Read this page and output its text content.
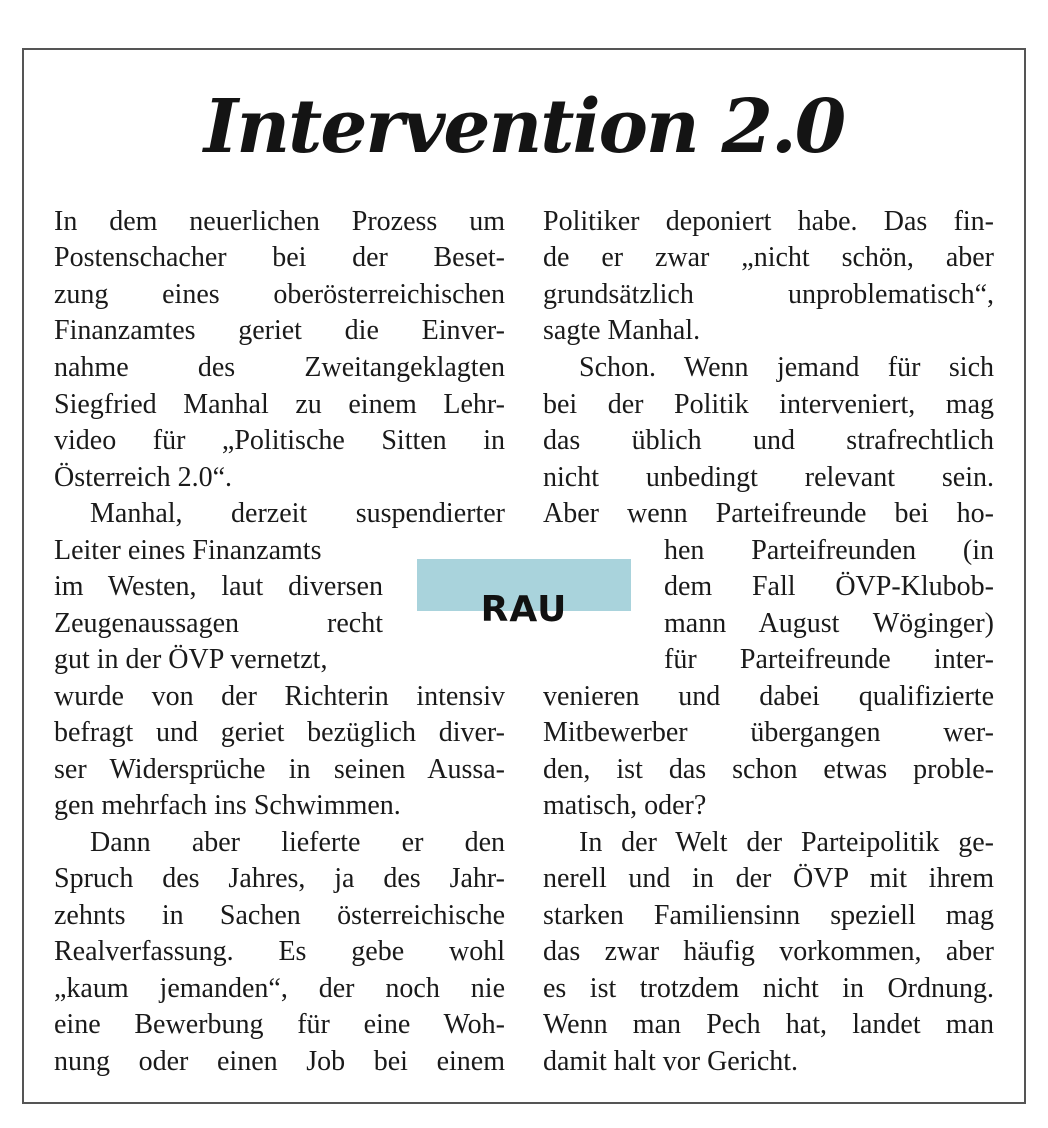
Intervention 2.0
In dem neuerlichen Prozess um
Postenschacher bei der Beset-
zung eines oberösterreichischen
Finanzamtes geriet die Einver-
nahme des Zweitangeklagten
Siegfried Manhal zu einem Lehr-
video für „Politische Sitten in
Österreich 2.0“.
Manhal, derzeit suspendierter
Leiter eines Finanzamts
im Westen, laut diversen
Zeugenaussagen recht
gut in der ÖVP vernetzt,
wurde von der Richterin intensiv
befragt und geriet bezüglich diver-
ser Widersprüche in seinen Aussa-
gen mehrfach ins Schwimmen.
Dann aber lieferte er den
Spruch des Jahres, ja des Jahr-
zehnts in Sachen österreichische
Realverfassung. Es gebe wohl
„kaum jemanden“, der noch nie
eine Bewerbung für eine Woh-
nung oder einen Job bei einem
RAU
Politiker deponiert habe. Das fin-
de er zwar „nicht schön, aber
grundsätzlich unproblematisch“,
sagte Manhal.
Schon. Wenn jemand für sich
bei der Politik interveniert, mag
das üblich und strafrechtlich
nicht unbedingt relevant sein.
Aber wenn Parteifreunde bei ho-
hen Parteifreunden (in
dem Fall ÖVP-Klubob-
mann August Wöginger)
für Parteifreunde inter-
venieren und dabei qualifizierte
Mitbewerber übergangen wer-
den, ist das schon etwas proble-
matisch, oder?
In der Welt der Parteipolitik ge-
nerell und in der ÖVP mit ihrem
starken Familiensinn speziell mag
das zwar häufig vorkommen, aber
es ist trotzdem nicht in Ordnung.
Wenn man Pech hat, landet man
damit halt vor Gericht.
